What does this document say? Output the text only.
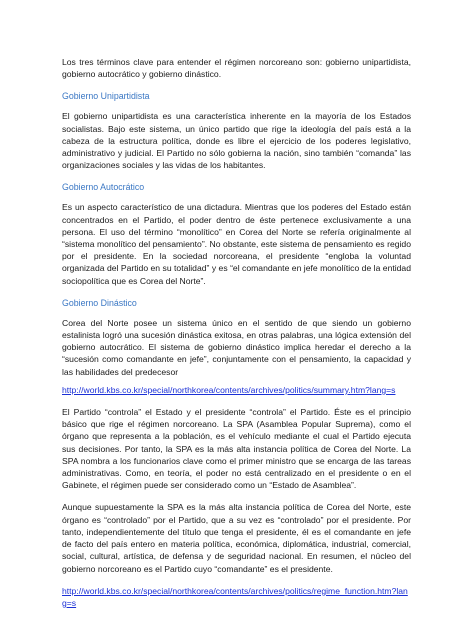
Los tres términos clave para entender el régimen norcoreano son: gobierno unipartidista, gobierno autocrático y gobierno dinástico.

Gobierno Unipartidista

El gobierno unipartidista es una característica inherente en la mayoría de los Estados socialistas. Bajo este sistema, un único partido que rige la ideología del país está a la cabeza de la estructura política, donde es libre el ejercicio de los poderes legislativo, administrativo y judicial. El Partido no sólo gobierna la nación, sino también “comanda” las organizaciones sociales y las vidas de los habitantes.

Gobierno Autocrático

Es un aspecto característico de una dictadura. Mientras que los poderes del Estado están concentrados en el Partido, el poder dentro de éste pertenece exclusivamente a una persona. El uso del término “monolítico” en Corea del Norte se refería originalmente al “sistema monolítico del pensamiento”. No obstante, este sistema de pensamiento es regido por el presidente. En la sociedad norcoreana, el presidente “engloba la voluntad organizada del Partido en su totalidad” y es “el comandante en jefe monolítico de la entidad sociopolítica que es Corea del Norte”.

Gobierno Dinástico

Corea del Norte posee un sistema único en el sentido de que siendo un gobierno estalinista logró una sucesión dinástica exitosa, en otras palabras, una lógica extensión del gobierno autocrático. El sistema de gobierno dinástico implica heredar el derecho a la “sucesión como comandante en jefe”, conjuntamente con el pensamiento, la capacidad y las habilidades del predecesor

http://world.kbs.co.kr/special/northkorea/contents/archives/politics/summary.htm?lang=s

El Partido “controla” el Estado y el presidente “controla” el Partido. Éste es el principio básico que rige el régimen norcoreano. La SPA (Asamblea Popular Suprema), como el órgano que representa a la población, es el vehículo mediante el cual el Partido ejecuta sus decisiones. Por tanto, la SPA es la más alta instancia política de Corea del Norte. La SPA nombra a los funcionarios clave como el primer ministro que se encarga de las tareas administrativas. Como, en teoría, el poder no está centralizado en el presidente o en el Gabinete, el régimen puede ser considerado como un “Estado de Asamblea”.

Aunque supuestamente la SPA es la más alta instancia política de Corea del Norte, este órgano es “controlado” por el Partido, que a su vez es “controlado” por el presidente. Por tanto, independientemente del título que tenga el presidente, él es el comandante en jefe de facto del país entero en materia política, económica, diplomática, industrial, comercial, social, cultural, artística, de defensa y de seguridad nacional. En resumen, el núcleo del gobierno norcoreano es el Partido cuyo “comandante” es el presidente.

http://world.kbs.co.kr/special/northkorea/contents/archives/politics/regime_function.htm?lang=s
